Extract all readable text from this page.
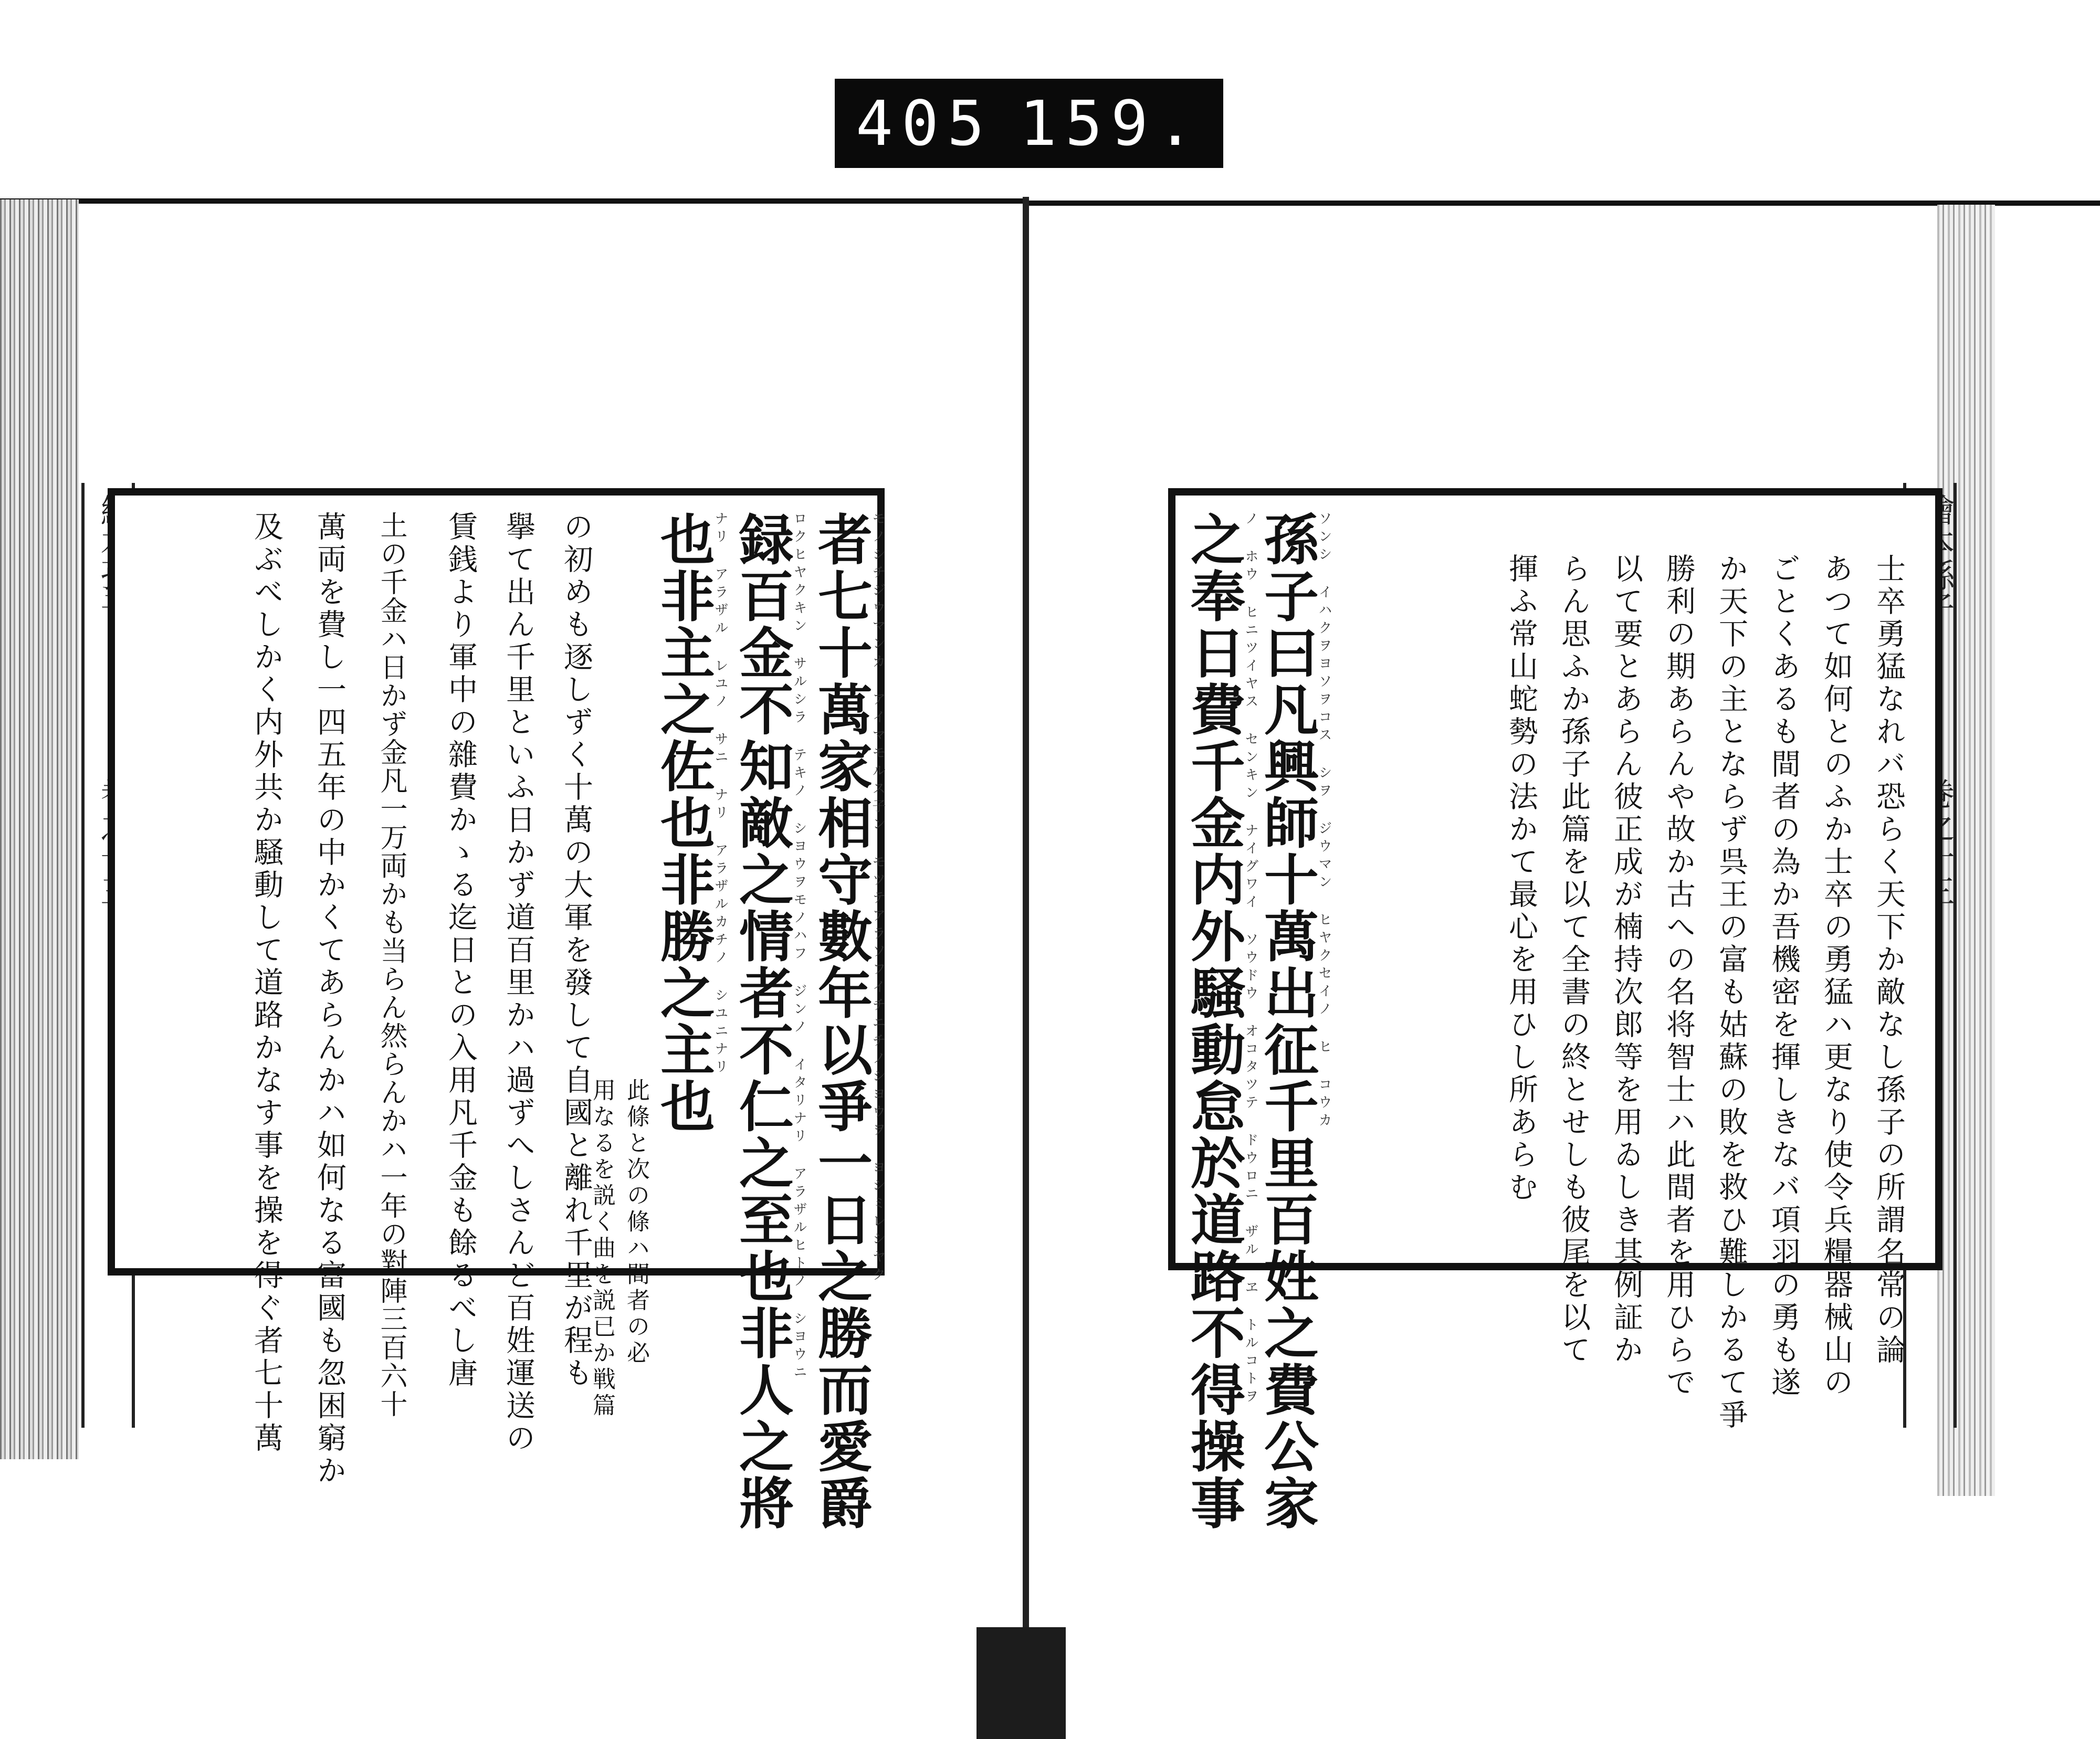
405 159.
者七十萬家相守數年以爭一日之勝而愛爵
モノシチジウマンカ アイマモルス子ン モツテアラソフイチニチノシヨウヲ ヨシミレシヤク
録百金不知敵之情者不仁之至也非人之將
ロクヒヤクキン サルシラ テキノ シヨウヲモノハフ ジンノ イタリナリ アラザルヒトノ シヨウニ
也非主之佐也非勝之主也
ナリ アラザル レユノ サニ ナリ アラザルカチノ シユニナリ
此條と次の條ハ間者の必
用なるを説く曲を説已か戦篇
の初めも逐しずく十萬の大軍を發して自國と離れ千里が程も
擧て出ん千里といふ日かず道百里かハ過ずへしさんど百姓運送の
賃銭より軍中の雜費かゝる迄日との入用凡千金も餘るべし唐
土の千金ハ日かず金凡一万両かも当らん然らんかハ一年の對陣三百六十
萬両を費し一四五年の中かくてあらんかハ如何なる富國も忽困窮か
及ぶべしかく内外共か騒動して道路かなす事を操を得ぐ者七十萬	士卒勇猛なれバ恐らく天下か敵なし孫子の所謂名常の論
あつて如何とのふか士卒の勇猛ハ更なり使令兵糧器械山の
ごとくあるも間者の為か吾機密を揮しきなバ項羽の勇も遂
か天下の主とならず呉王の富も姑蘇の敗を救ひ難しかるて爭
勝利の期あらんや故か古への名将智士ハ此間者を用ひらで
以て要とあらん彼正成が楠持次郎等を用ゐしき其例証か
らん思ふか孫子此篇を以て全書の終とせしも彼尾を以て
揮ふ常山蛇勢の法かて最心を用ひし所あらむ
孫子曰凡興師十萬出征千里百姓之費公家
ソンシ イハクヲヨソヲコス シヲ ジウマン ヒヤクセイノ ヒ コウカ
之奉日費千金内外騒動怠於道路不得操事
ノ ホウ ヒニツイヤス センキン ナイグワイ ソウドウ オコタツテ ドウロニ ザル ヱ トルコトヲ
